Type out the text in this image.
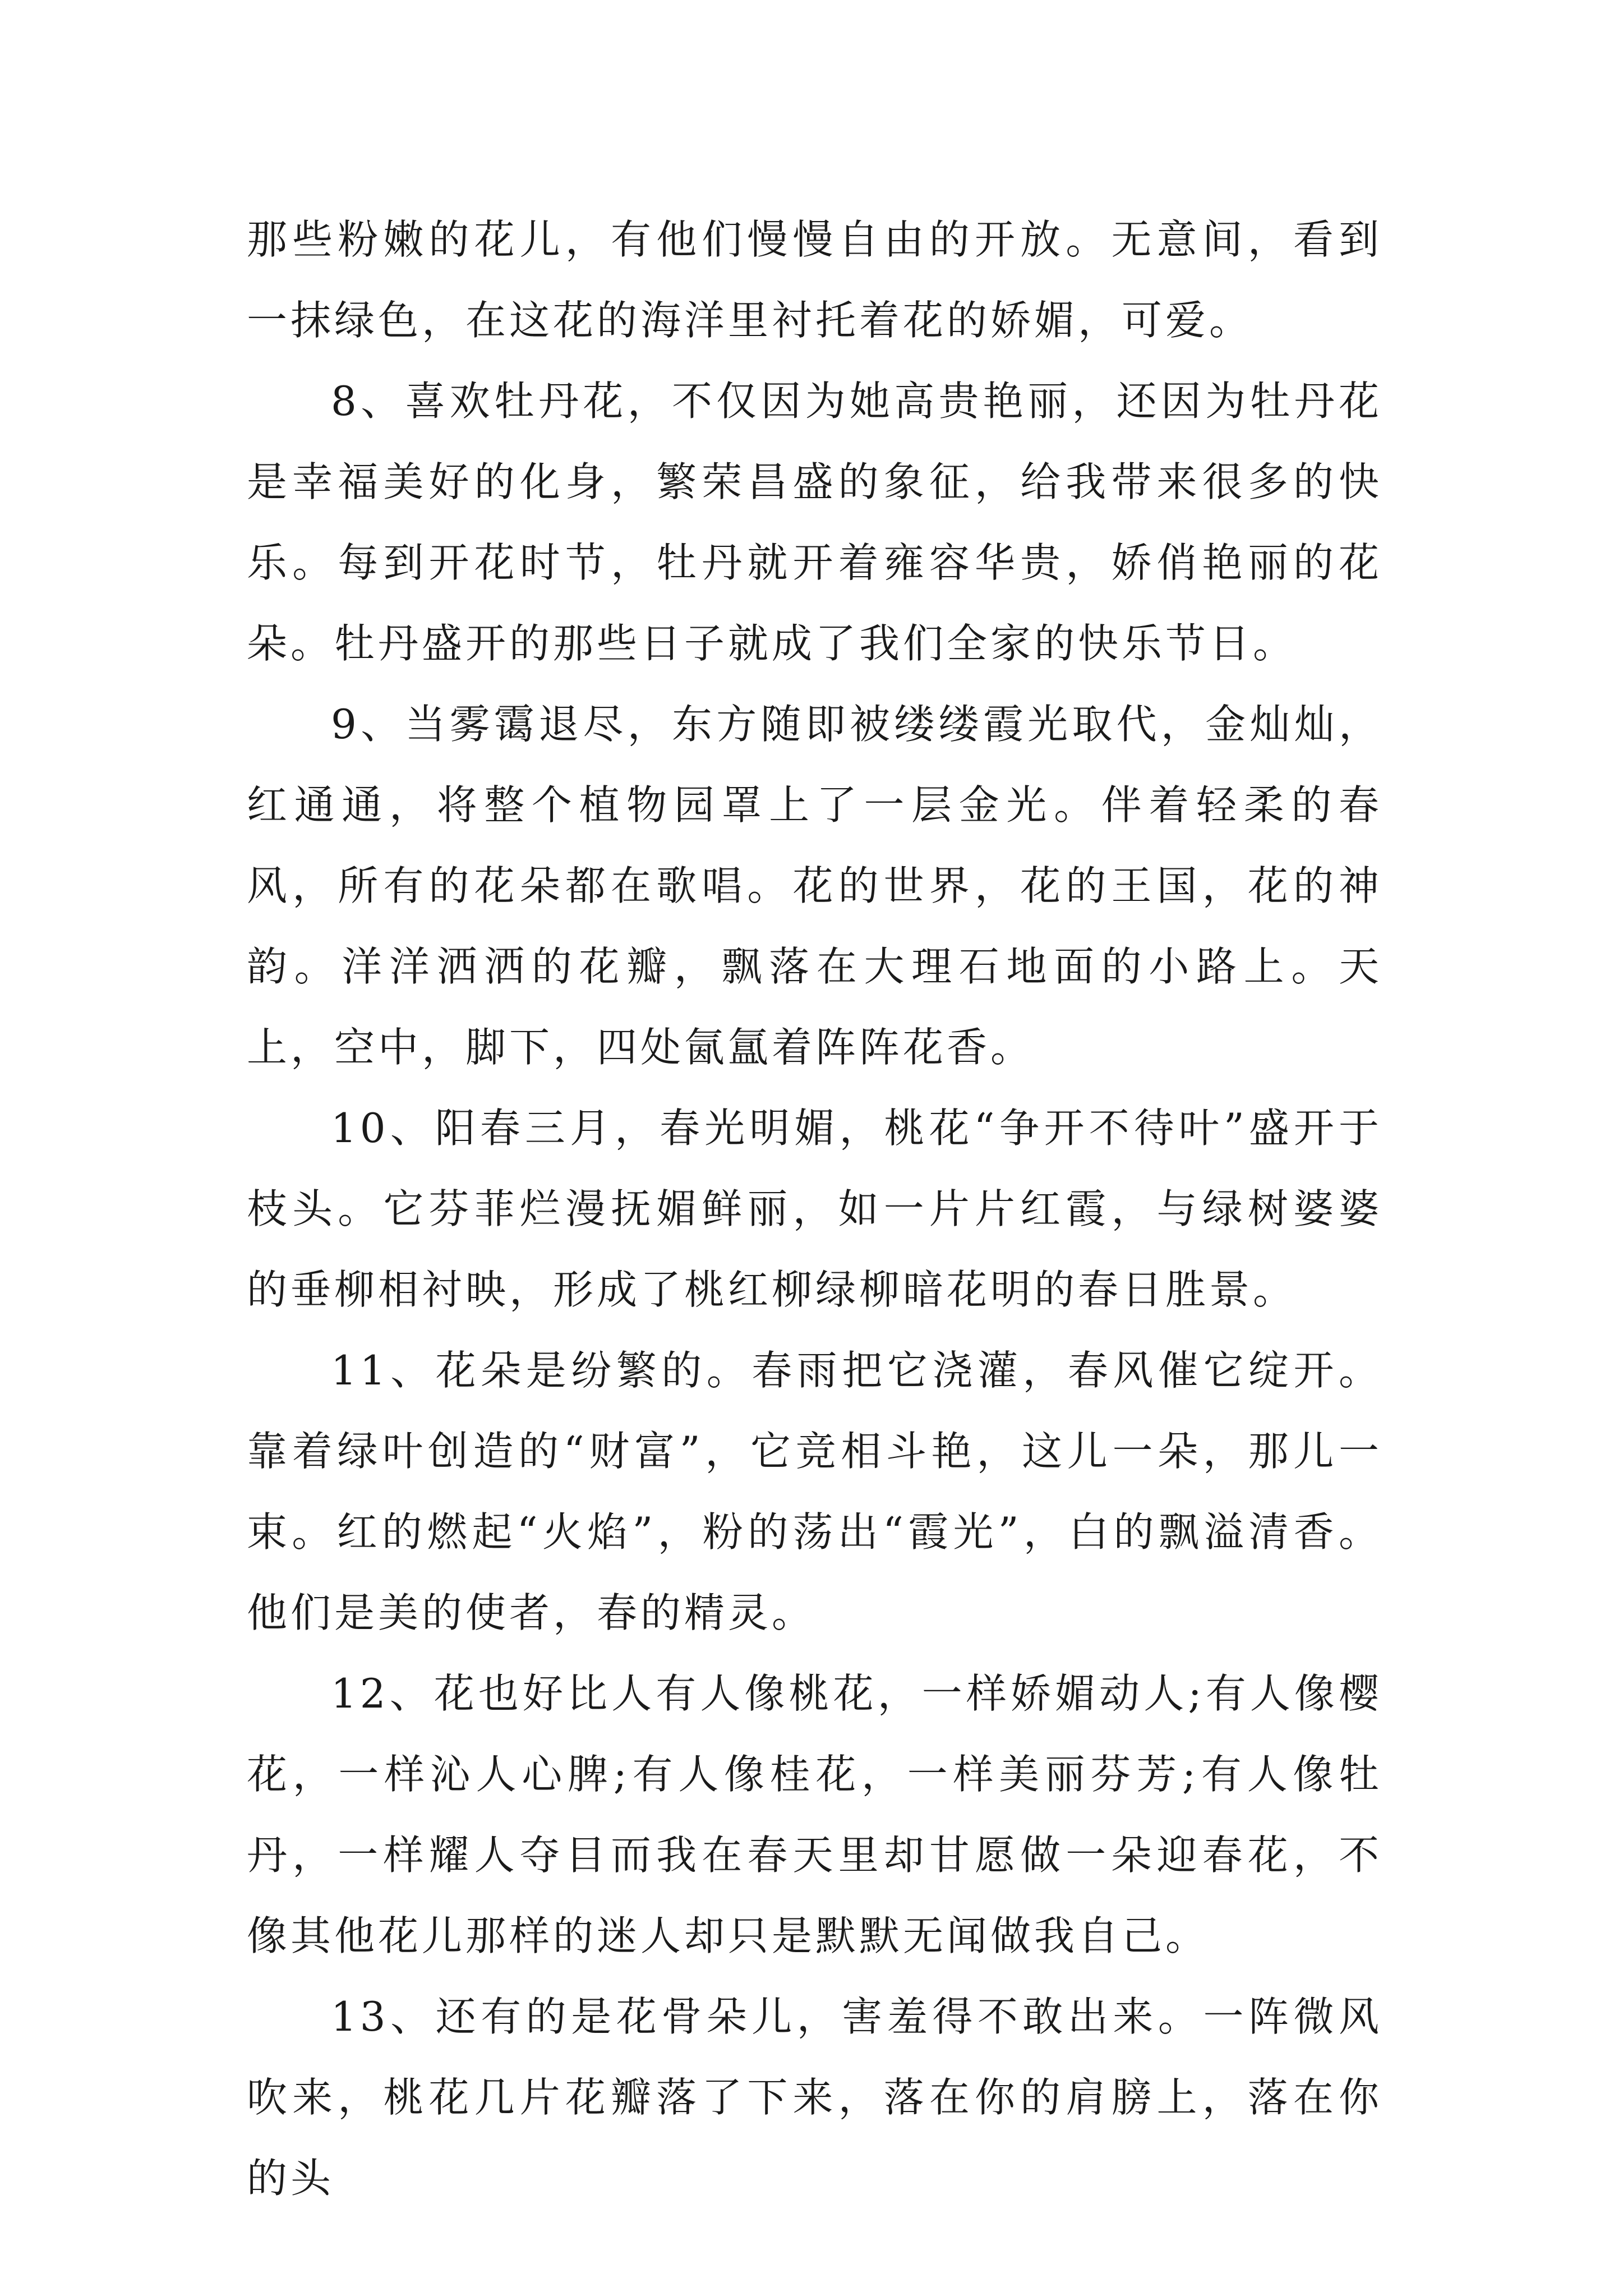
那些粉嫩的花儿，有他们慢慢自由的开放。无意间，看到一抹绿色，在这花的海洋里衬托着花的娇媚，可爱。

8、喜欢牡丹花，不仅因为她高贵艳丽，还因为牡丹花是幸福美好的化身，繁荣昌盛的象征，给我带来很多的快乐。每到开花时节，牡丹就开着雍容华贵，娇俏艳丽的花朵。牡丹盛开的那些日子就成了我们全家的快乐节日。

9、当雾霭退尽，东方随即被缕缕霞光取代，金灿灿，红通通，将整个植物园罩上了一层金光。伴着轻柔的春风，所有的花朵都在歌唱。花的世界，花的王国，花的神韵。洋洋洒洒的花瓣，飘落在大理石地面的小路上。天上，空中，脚下，四处氤氲着阵阵花香。

10、阳春三月，春光明媚，桃花“争开不待叶”盛开于枝头。它芬菲烂漫抚媚鲜丽，如一片片红霞，与绿树婆婆的垂柳相衬映，形成了桃红柳绿柳暗花明的春日胜景。

11、花朵是纷繁的。春雨把它浇灌，春风催它绽开。靠着绿叶创造的“财富”，它竞相斗艳，这儿一朵，那儿一束。红的燃起“火焰”，粉的荡出“霞光”，白的飘溢清香。他们是美的使者，春的精灵。

12、花也好比人有人像桃花，一样娇媚动人;有人像樱花，一样沁人心脾;有人像桂花，一样美丽芬芳;有人像牡丹，一样耀人夺目而我在春天里却甘愿做一朵迎春花，不像其他花儿那样的迷人却只是默默无闻做我自己。

13、还有的是花骨朵儿，害羞得不敢出来。一阵微风吹来，桃花几片花瓣落了下来，落在你的肩膀上，落在你的头
